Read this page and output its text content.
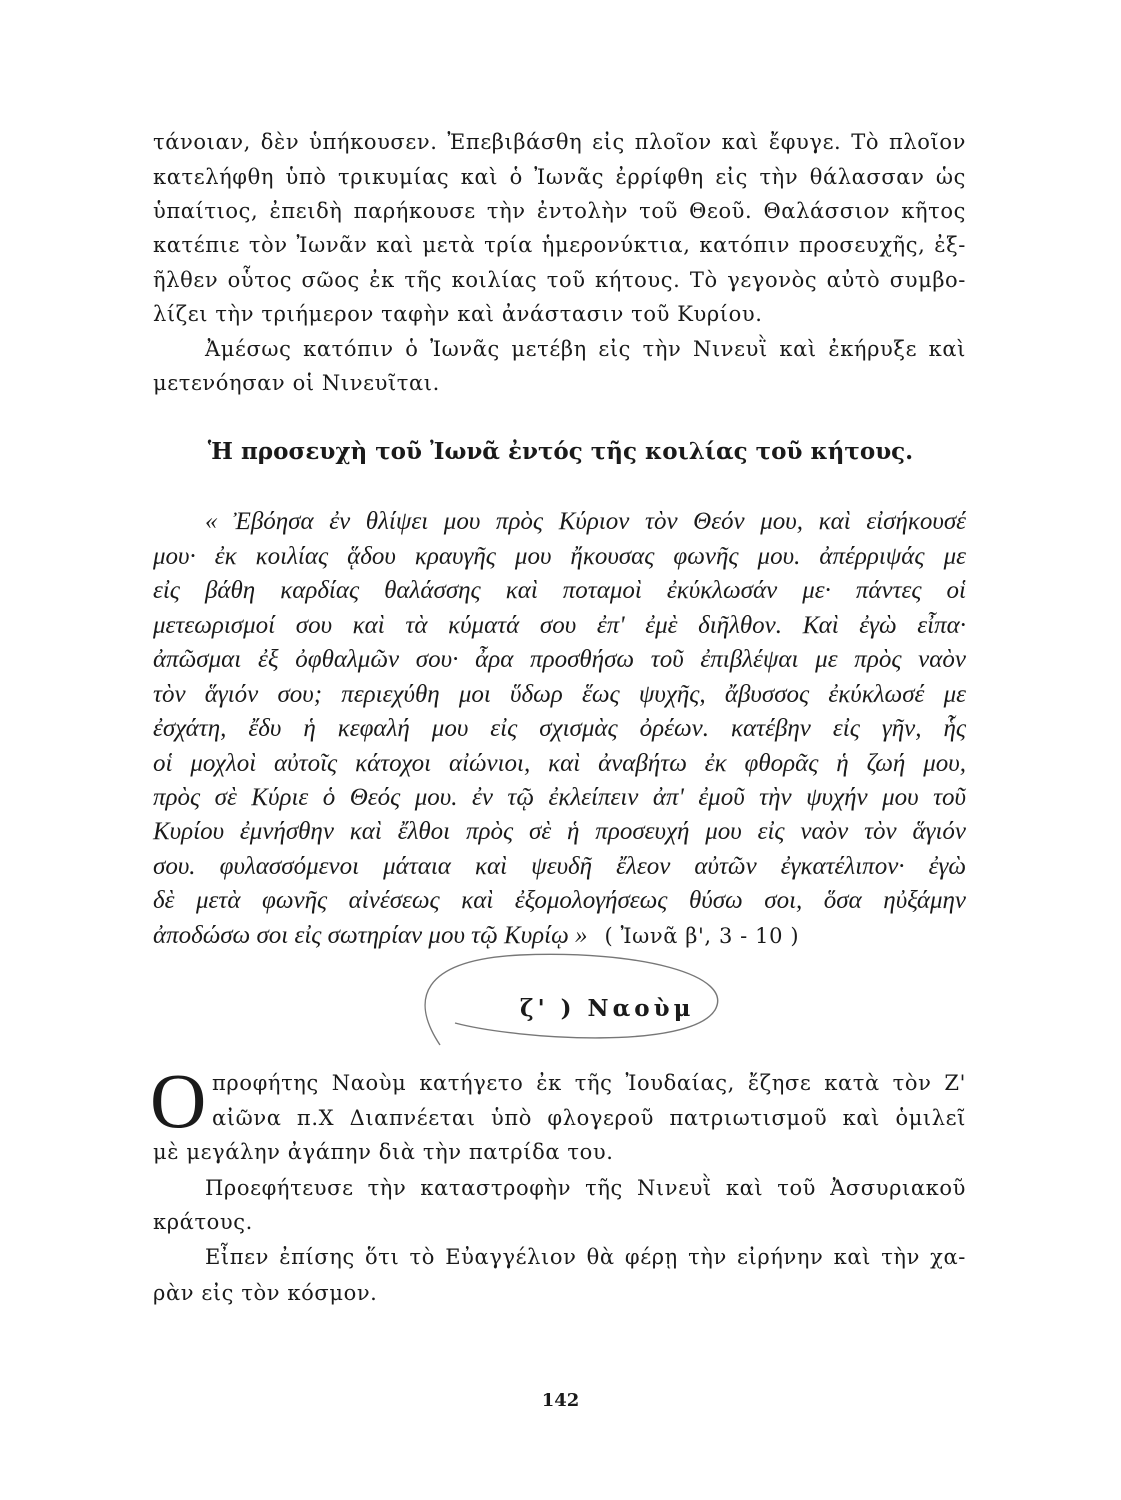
τάνοιαν, δὲν ὑπήκουσεν. Ἐπεβιβάσθη εἰς πλοῖον καὶ ἔφυγε. Τὸ πλοῖον
κατελήφθη ὑπὸ τρικυμίας καὶ ὁ Ἰωνᾶς ἐρρίφθη εἰς τὴν θάλασσαν ὡς
ὑπαίτιος, ἐπειδὴ παρήκουσε τὴν ἐντολὴν τοῦ Θεοῦ. Θαλάσσιον κῆτος
κατέπιε τὸν Ἰωνᾶν καὶ μετὰ τρία ἡμερονύκτια, κατόπιν προσευχῆς, ἐξ-
ῆλθεν οὗτος σῶος ἐκ τῆς κοιλίας τοῦ κήτους. Τὸ γεγονὸς αὐτὸ συμβο-
λίζει τὴν τριήμερον ταφὴν καὶ ἀνάστασιν τοῦ Κυρίου.
Ἀμέσως κατόπιν ὁ Ἰωνᾶς μετέβη εἰς τὴν Νινευῒ καὶ ἐκήρυξε καὶ
μετενόησαν οἱ Νινευῖται.
Ἡ προσευχὴ τοῦ Ἰωνᾶ ἐντός τῆς κοιλίας τοῦ κήτους.
« Ἐβόησα ἐν θλίψει μου πρὸς Κύριον τὸν Θεόν μου, καὶ εἰσήκουσέ
μου· ἐκ κοιλίας ᾅδου κραυγῆς μου ἤκουσας φωνῆς μου. ἀπέρριψάς με
εἰς βάθη καρδίας θαλάσσης καὶ ποταμοὶ ἐκύκλωσάν με· πάντες οἱ
μετεωρισμοί σου καὶ τὰ κύματά σου ἐπ' ἐμὲ διῆλθον. Καὶ ἐγὼ εἶπα·
ἀπῶσμαι ἐξ ὀφθαλμῶν σου· ἆρα προσθήσω τοῦ ἐπιβλέψαι με πρὸς ναὸν
τὸν ἅγιόν σου; περιεχύθη μοι ὕδωρ ἕως ψυχῆς, ἄβυσσος ἐκύκλωσέ με
ἐσχάτη, ἔδυ ἡ κεφαλή μου εἰς σχισμὰς ὀρέων. κατέβην εἰς γῆν, ἧς
οἱ μοχλοὶ αὐτοῖς κάτοχοι αἰώνιοι, καὶ ἀναβήτω ἐκ φθορᾶς ἡ ζωή μου,
πρὸς σὲ Κύριε ὁ Θεός μου. ἐν τῷ ἐκλείπειν ἀπ' ἐμοῦ τὴν ψυχήν μου τοῦ
Κυρίου ἐμνήσθην καὶ ἔλθοι πρὸς σὲ ἡ προσευχή μου εἰς ναὸν τὸν ἅγιόν
σου. φυλασσόμενοι μάταια καὶ ψευδῆ ἔλεον αὐτῶν ἐγκατέλιπον· ἐγὼ
δὲ μετὰ φωνῆς αἰνέσεως καὶ ἐξομολογήσεως θύσω σοι, ὅσα ηὐξάμην
ἀποδώσω σοι εἰς σωτηρίαν μου τῷ Κυρίῳ » ( Ἰωνᾶ β', 3 - 10 )
ζ' ) Ναοὺμ
Ο προφήτης Ναοὺμ κατήγετο ἐκ τῆς Ἰουδαίας, ἔζησε κατὰ τὸν Ζ'
αἰῶνα π.Χ Διαπνέεται ὑπὸ φλογεροῦ πατριωτισμοῦ καὶ ὁμιλεῖ
μὲ μεγάλην ἀγάπην διὰ τὴν πατρίδα του.
Προεφήτευσε τὴν καταστροφὴν τῆς Νινευῒ καὶ τοῦ Ἀσσυριακοῦ
κράτους.
Εἶπεν ἐπίσης ὅτι τὸ Εὐαγγέλιον θὰ φέρῃ τὴν εἰρήνην καὶ τὴν χα-
ρὰν εἰς τὸν κόσμον.
142
